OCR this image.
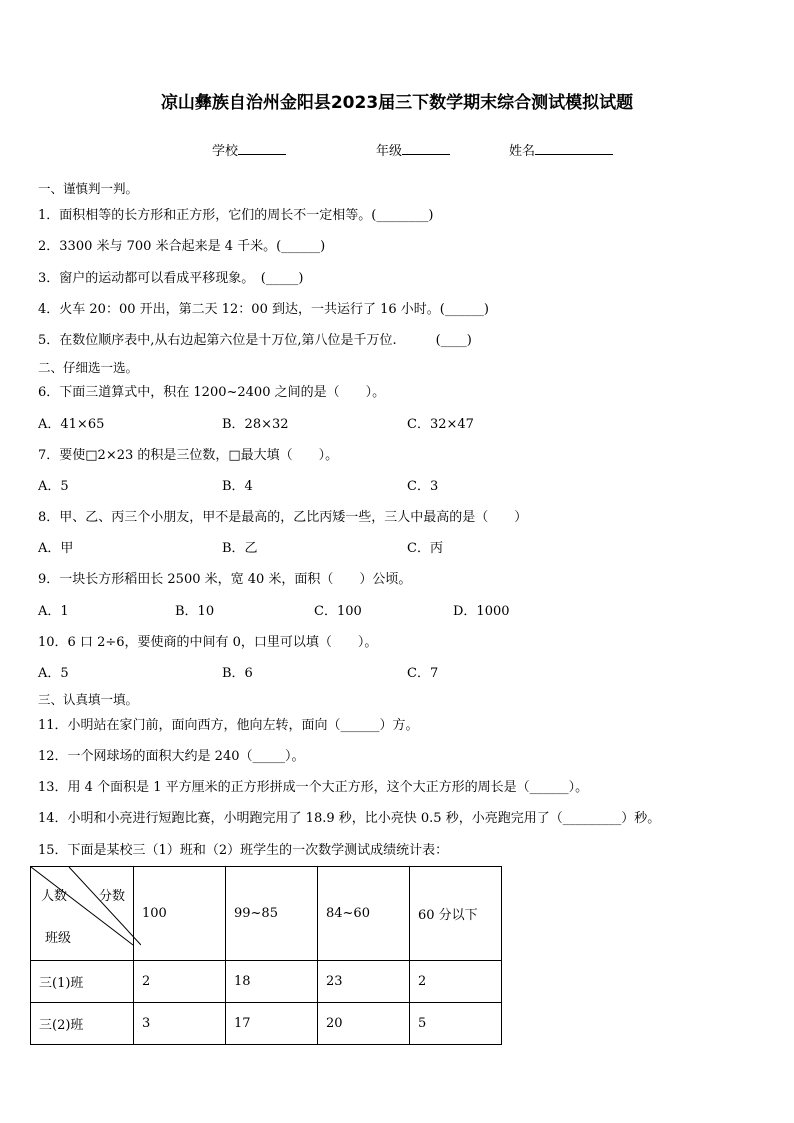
凉山彝族自治州金阳县2023届三下数学期末综合测试模拟试题
学校	年级	姓名
一、谨慎判一判。
1．面积相等的长方形和正方形，它们的周长不一定相等。(________)
2．3300 米与 700 米合起来是 4 千米。(______)
3．窗户的运动都可以看成平移现象。　(_____)
4．火车 20：00 开出，第二天 12：00 到达，一共运行了 16 小时。(______)
5．在数位顺序表中,从右边起第六位是十万位,第八位是千万位.　　　(____)
二、仔细选一选。
6．下面三道算式中，积在 1200~2400 之间的是（　　）。
A．41×65	B．28×32	C．32×47
7．要使□2×23 的积是三位数，□最大填（　　）。
A．5	B．4	C．3
8．甲、乙、丙三个小朋友，甲不是最高的，乙比丙矮一些，三人中最高的是（　　）
A．甲	B．乙	C．丙
9．一块长方形稻田长 2500 米，宽 40 米，面积（　　）公顷。
A．1	B．10	C．100	D．1000
10．6 口 2÷6，要使商的中间有 0，口里可以填（　　）。
A．5	B．6	C．7
三、认真填一填。
11．小明站在家门前，面向西方，他向左转，面向（______）方。
12．一个网球场的面积大约是 240（_____）。
13．用 4 个面积是 1 平方厘米的正方形拼成一个大正方形，这个大正方形的周长是（______）。
14．小明和小亮进行短跑比赛，小明跑完用了 18.9 秒，比小亮快 0.5 秒，小亮跑完用了（_________）秒。
15．下面是某校三（1）班和（2）班学生的一次数学测试成绩统计表：
人数 分数
班级	100	99~85	84~60	60 分以下
三(1)班	2	18	23	2
三(2)班	3	17	20	5
